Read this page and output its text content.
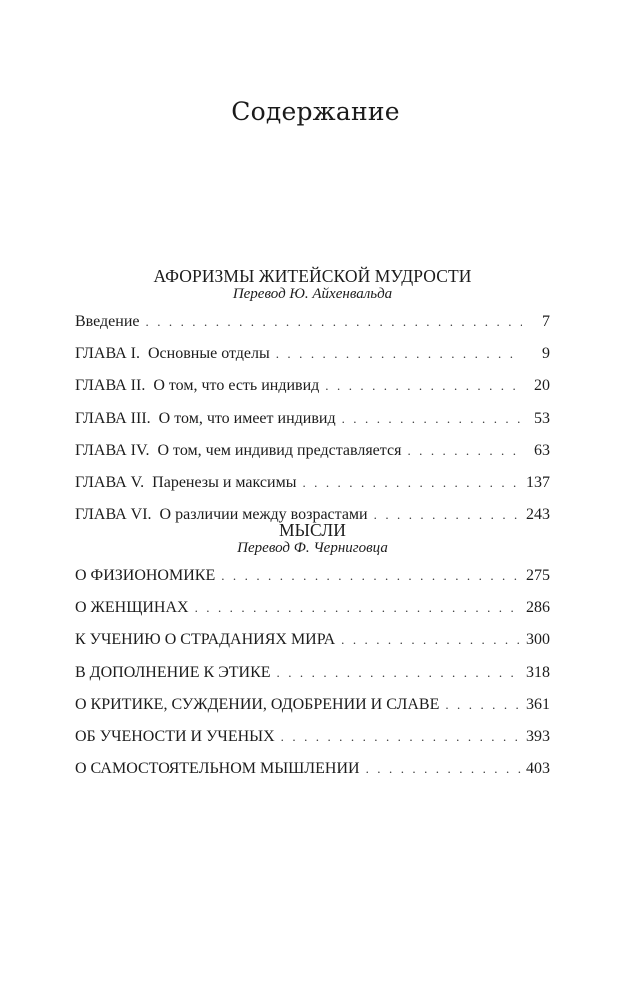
Содержание
АФОРИЗМЫ ЖИТЕЙСКОЙ МУДРОСТИ
Перевод Ю. Айхенвальда
Введение . . .	7
ГЛАВА I.  Основные отделы . . .	9
ГЛАВА II.  О том, что есть индивид . . .	20
ГЛАВА III.  О том, что имеет индивид . . .	53
ГЛАВА IV.  О том, чем индивид представляется . . .	63
ГЛАВА V.  Паренезы и максимы . . .	137
ГЛАВА VI.  О различии между возрастами . . .	243
МЫСЛИ
Перевод Ф. Черниговца
О ФИЗИОНОМИКЕ . . .	275
О ЖЕНЩИНАХ . . .	286
К УЧЕНИЮ О СТРАДАНИЯХ МИРА . . .	300
В ДОПОЛНЕНИЕ К ЭТИКЕ . . .	318
О КРИТИКЕ, СУЖДЕНИИ, ОДОБРЕНИИ И СЛАВЕ . . .	361
ОБ УЧЕНОСТИ И УЧЕНЫХ . . .	393
О САМОСТОЯТЕЛЬНОМ МЫШЛЕНИИ . . .	403
